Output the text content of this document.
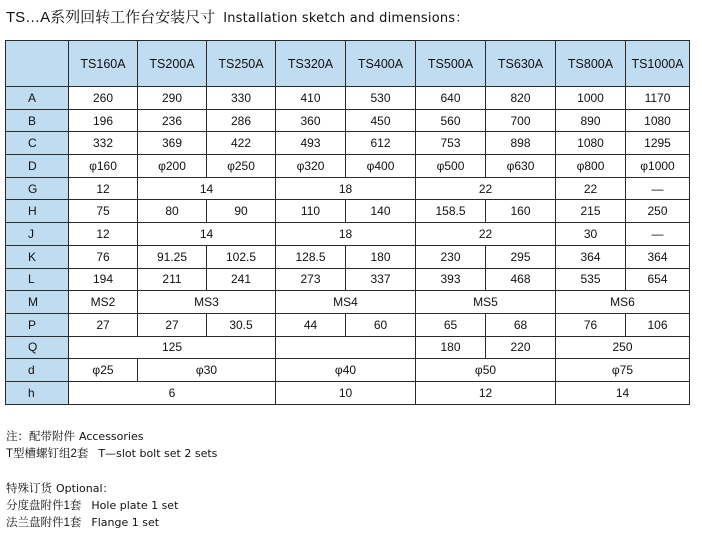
TS…A系列回转工作台安装尺寸 Installation sketch and dimensions：
	TS160A	TS200A	TS250A	TS320A	TS400A	TS500A	TS630A	TS800A	TS1000A
A	260	290	330	410	530	640	820	1000	1170
B	196	236	286	360	450	560	700	890	1080
C	332	369	422	493	612	753	898	1080	1295
D	φ160	φ200	φ250	φ320	φ400	φ500	φ630	φ800	φ1000
G	12	14		18		22		22	—
H	75	80	90	110	140	158.5	160	215	250
J	12	14		18		22		30	—
K	76	91.25	102.5	128.5	180	230	295	364	364
L	194	211	241	273	337	393	468	535	654
M	MS2	MS3		MS4		MS5		MS6	
P	27	27	30.5	44	60	65	68	76	106
Q	125					180	220	250	
d	φ25	φ30		φ40		φ50		φ75	
h	6			10		12		14	
注：配带附件 Accessories
T型槽螺钉组2套 T—slot bolt set 2 sets
特殊订货 Optional：
分度盘附件1套 Hole plate 1 set
法兰盘附件1套 Flange 1 set
